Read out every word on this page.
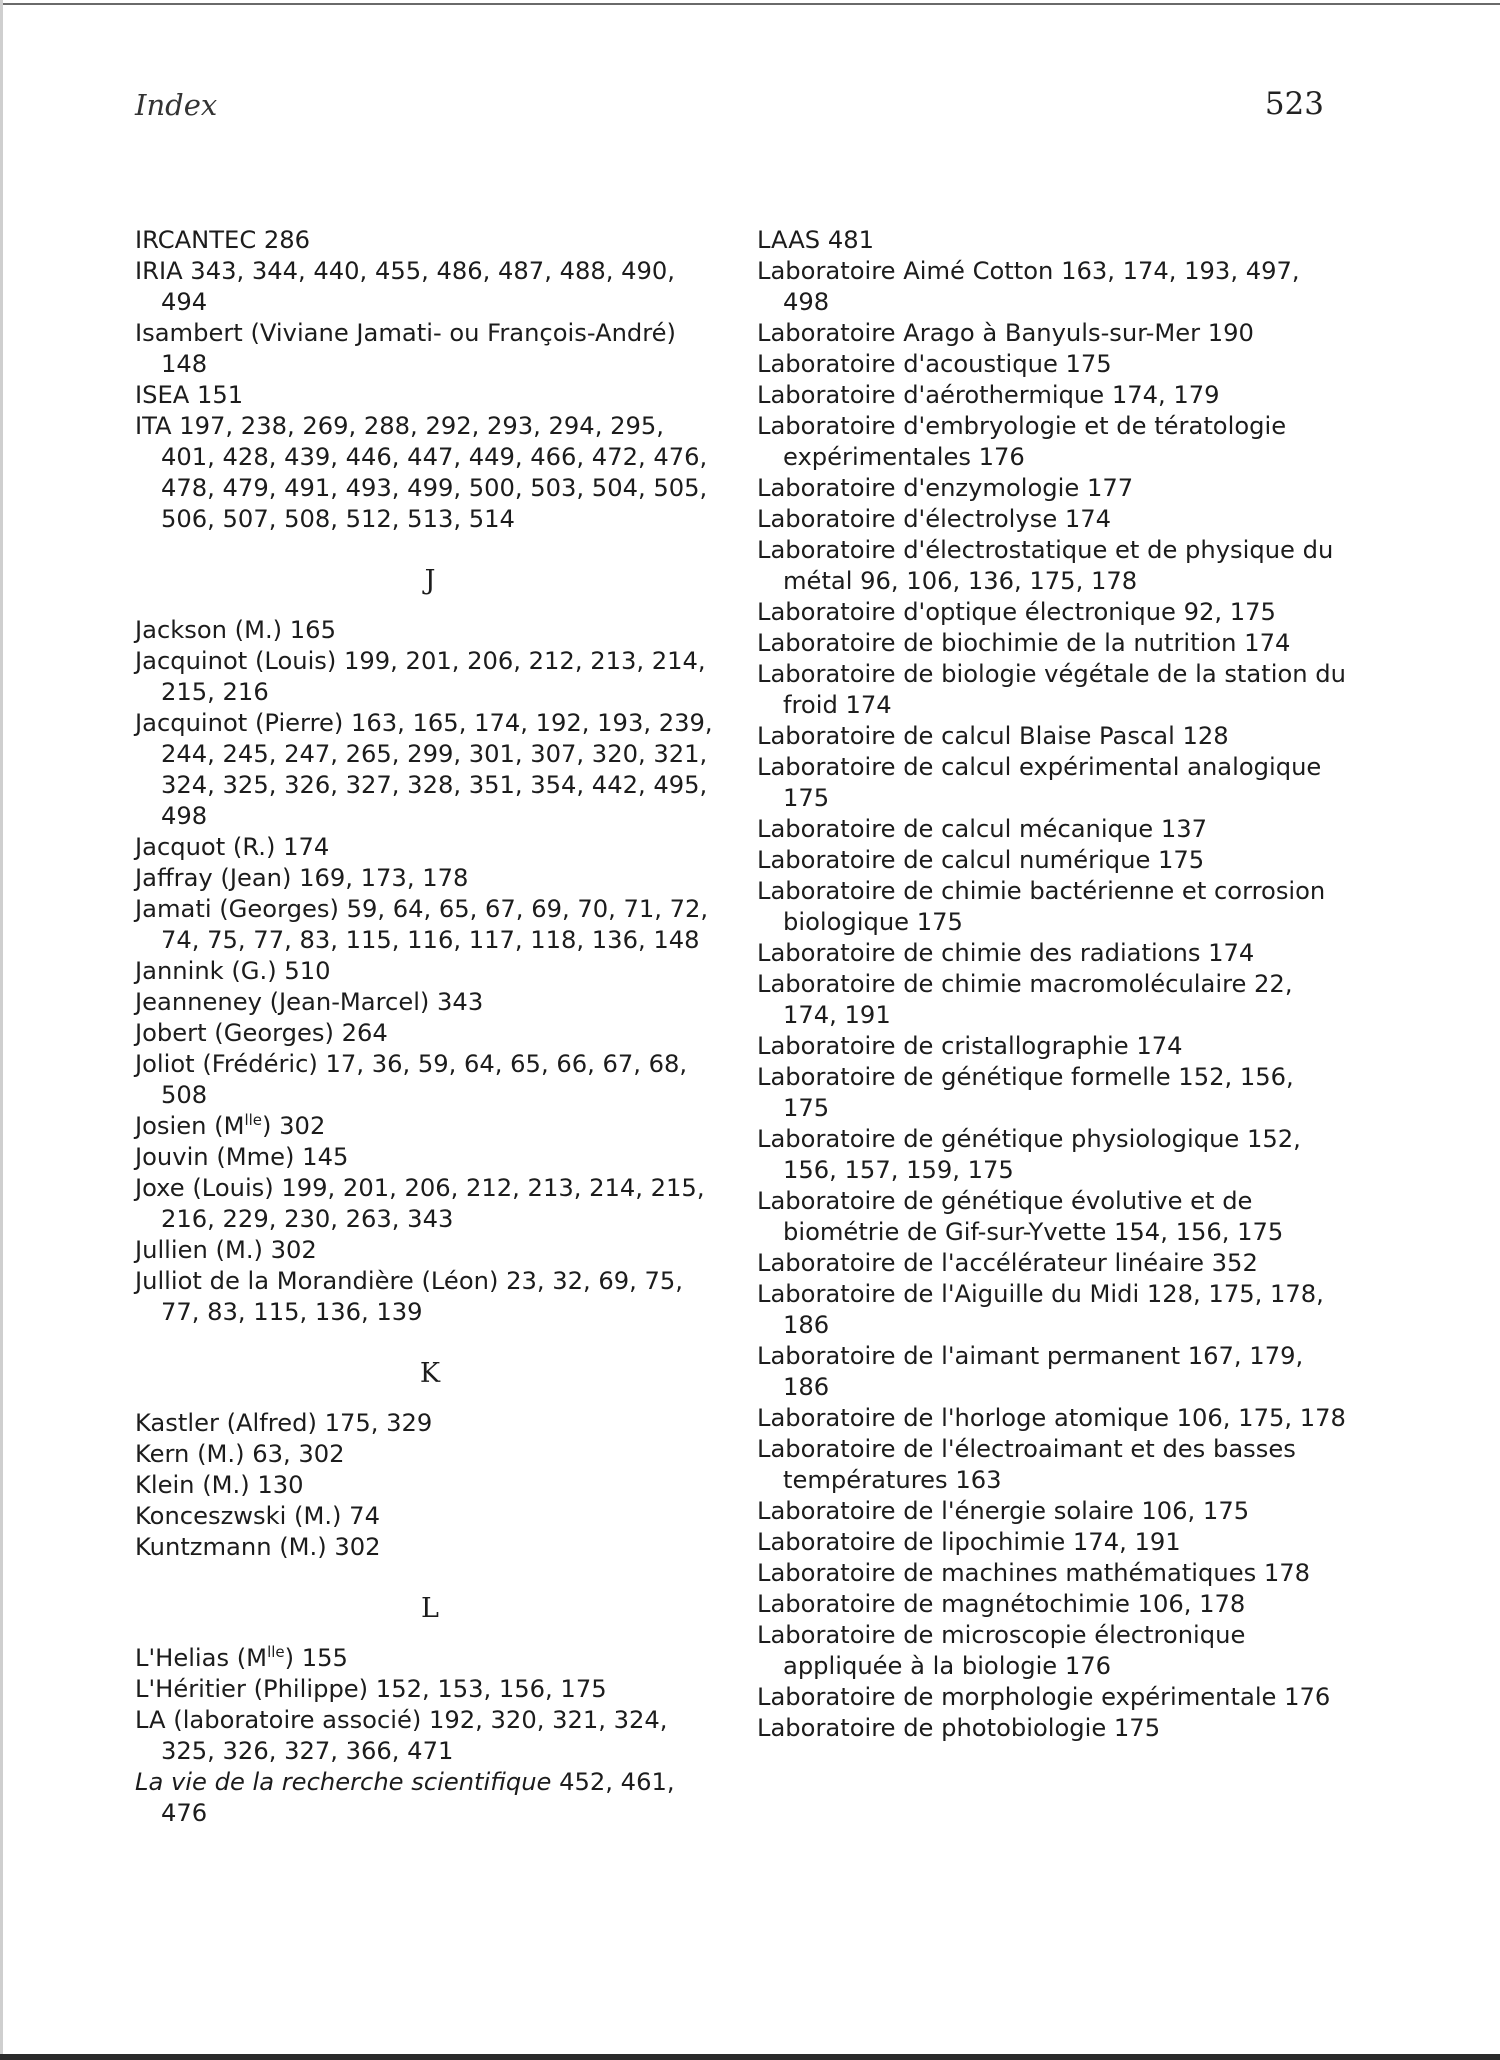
Index	523
IRCANTEC 286
IRIA 343, 344, 440, 455, 486, 487, 488, 490, 494
Isambert (Viviane Jamati- ou François-André) 148
ISEA 151
ITA 197, 238, 269, 288, 292, 293, 294, 295, 401, 428, 439, 446, 447, 449, 466, 472, 476, 478, 479, 491, 493, 499, 500, 503, 504, 505, 506, 507, 508, 512, 513, 514
J
Jackson (M.) 165
Jacquinot (Louis) 199, 201, 206, 212, 213, 214, 215, 216
Jacquinot (Pierre) 163, 165, 174, 192, 193, 239, 244, 245, 247, 265, 299, 301, 307, 320, 321, 324, 325, 326, 327, 328, 351, 354, 442, 495, 498
Jacquot (R.) 174
Jaffray (Jean) 169, 173, 178
Jamati (Georges) 59, 64, 65, 67, 69, 70, 71, 72, 74, 75, 77, 83, 115, 116, 117, 118, 136, 148
Jannink (G.) 510
Jeanneney (Jean-Marcel) 343
Jobert (Georges) 264
Joliot (Frédéric) 17, 36, 59, 64, 65, 66, 67, 68, 508
Josien $(M^{lle})$ 302
Jouvin (Mme) 145
Joxe (Louis) 199, 201, 206, 212, 213, 214, 215, 216, 229, 230, 263, 343
Jullien (M.) 302
Julliot de la Morandière (Léon) 23, 32, 69, 75, 77, 83, 115, 136, 139
K
Kastler (Alfred) 175, 329
Kern (M.) 63, 302
Klein (M.) 130
Konceszwski (M.) 74
Kuntzmann (M.) 302
L
L'Helias $(M^{lle})$ 155
L'Héritier (Philippe) 152, 153, 156, 175
LA (laboratoire associé) 192, 320, 321, 324, 325, 326, 327, 366, 471
La vie de la recherche scientifique 452, 461, 476
LAAS 481
Laboratoire Aimé Cotton 163, 174, 193, 497, 498
Laboratoire Arago à Banyuls-sur-Mer 190
Laboratoire d'acoustique 175
Laboratoire d'aérothermique 174, 179
Laboratoire d'embryologie et de tératologie expérimentales 176
Laboratoire d'enzymologie 177
Laboratoire d'électrolyse 174
Laboratoire d'électrostatique et de physique du métal 96, 106, 136, 175, 178
Laboratoire d'optique électronique 92, 175
Laboratoire de biochimie de la nutrition 174
Laboratoire de biologie végétale de la station du froid 174
Laboratoire de calcul Blaise Pascal 128
Laboratoire de calcul expérimental analogique 175
Laboratoire de calcul mécanique 137
Laboratoire de calcul numérique 175
Laboratoire de chimie bactérienne et corrosion biologique 175
Laboratoire de chimie des radiations 174
Laboratoire de chimie macromoléculaire 22, 174, 191
Laboratoire de cristallographie 174
Laboratoire de génétique formelle 152, 156, 175
Laboratoire de génétique physiologique 152, 156, 157, 159, 175
Laboratoire de génétique évolutive et de biométrie de Gif-sur-Yvette 154, 156, 175
Laboratoire de l'accélérateur linéaire 352
Laboratoire de l'Aiguille du Midi 128, 175, 178, 186
Laboratoire de l'aimant permanent 167, 179, 186
Laboratoire de l'horloge atomique 106, 175, 178
Laboratoire de l'électroaimant et des basses températures 163
Laboratoire de l'énergie solaire 106, 175
Laboratoire de lipochimie 174, 191
Laboratoire de machines mathématiques 178
Laboratoire de magnétochimie 106, 178
Laboratoire de microscopie électronique appliquée à la biologie 176
Laboratoire de morphologie expérimentale 176
Laboratoire de photobiologie 175
